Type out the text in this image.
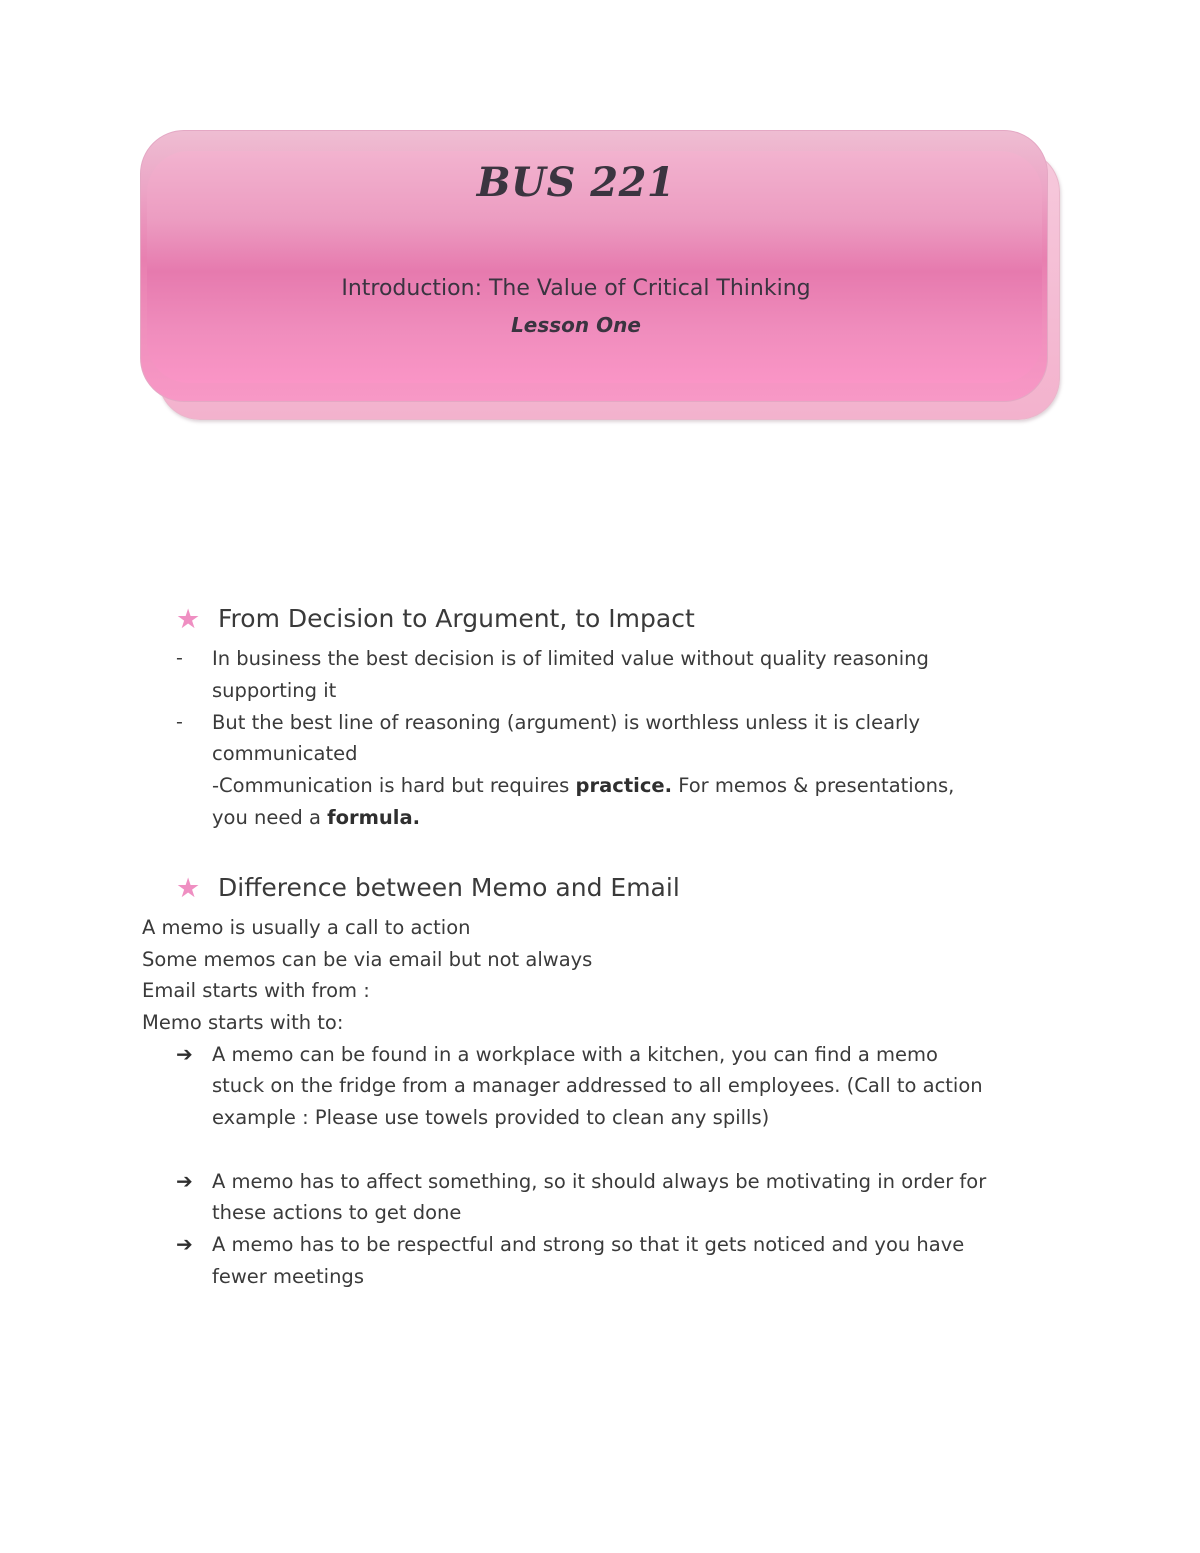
BUS 221
Introduction: The Value of Critical Thinking
Lesson One
★ From Decision to Argument, to Impact
- In business the best decision is of limited value without quality reasoning
supporting it
- But the best line of reasoning (argument) is worthless unless it is clearly
communicated
-Communication is hard but requires practice. For memos & presentations,
you need a formula.
★ Difference between Memo and Email
A memo is usually a call to action
Some memos can be via email but not always
Email starts with from :
Memo starts with to:
➔ A memo can be found in a workplace with a kitchen, you can find a memo
stuck on the fridge from a manager addressed to all employees. (Call to action
example : Please use towels provided to clean any spills)
➔ A memo has to affect something, so it should always be motivating in order for
these actions to get done
➔ A memo has to be respectful and strong so that it gets noticed and you have
fewer meetings
